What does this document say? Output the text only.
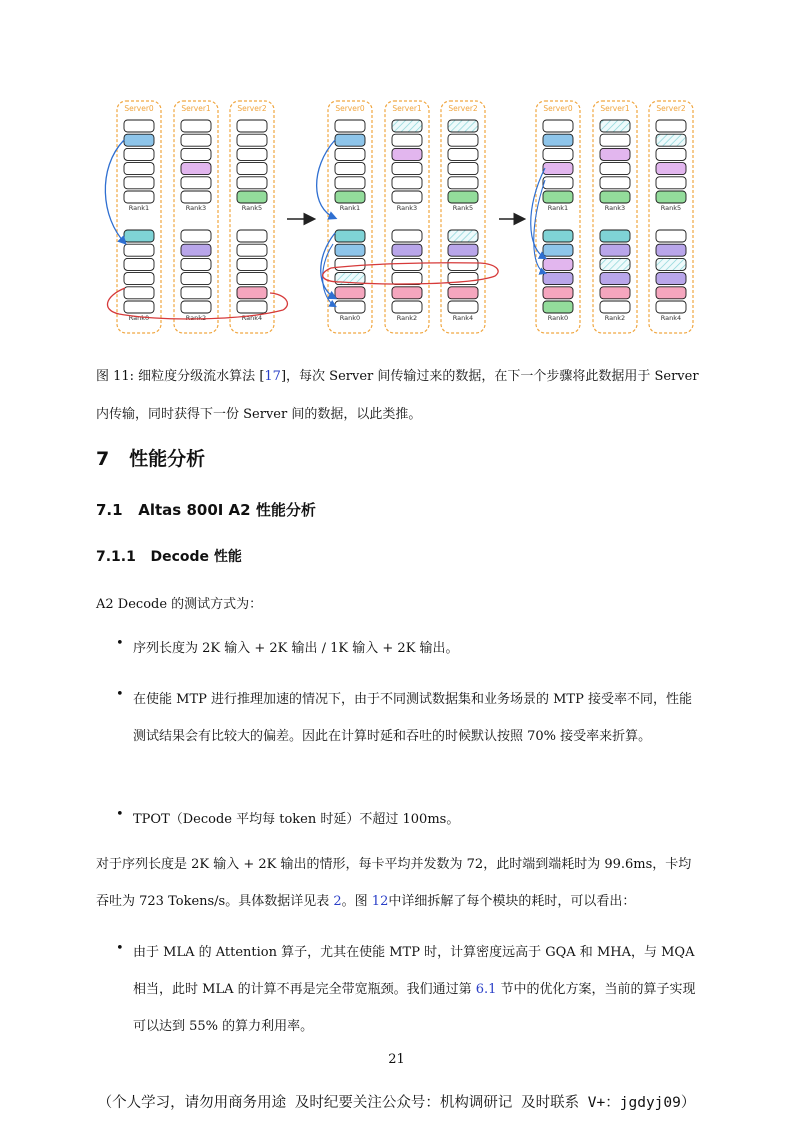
Server0
Rank1
Rank0
Server1
Rank3
Rank2
Server2
Rank5
Rank4
Server0
Rank1
Rank0
Server1
Rank3
Rank2
Server2
Rank5
Rank4
Server0
Rank1
Rank0
Server1
Rank3
Rank2
Server2
Rank5
Rank4
图 11: 细粒度分级流水算法 [17]，每次 Server 间传输过来的数据，在下一个步骤将此数据用于 Server 内传输，同时获得下一份 Server 间的数据，以此类推。
7 性能分析
7.1 Altas 800I A2 性能分析
7.1.1 Decode 性能
A2 Decode 的测试方式为：
• 序列长度为 2K 输入 + 2K 输出 / 1K 输入 + 2K 输出。
• 在使能 MTP 进行推理加速的情况下，由于不同测试数据集和业务场景的 MTP 接受率不同，性能测试结果会有比较大的偏差。因此在计算时延和吞吐的时候默认按照 70% 接受率来折算。
• TPOT（Decode 平均每 token 时延）不超过 100ms。
对于序列长度是 2K 输入 + 2K 输出的情形，每卡平均并发数为 72，此时端到端耗时为 99.6ms，卡均吞吐为 723 Tokens/s。具体数据详见表 2。图 12中详细拆解了每个模块的耗时，可以看出：
• 由于 MLA 的 Attention 算子，尤其在使能 MTP 时，计算密度远高于 GQA 和 MHA，与 MQA 相当，此时 MLA 的计算不再是完全带宽瓶颈。我们通过第 6.1 节中的优化方案，当前的算子实现可以达到 55% 的算力利用率。
21
（个人学习，请勿用商务用途 及时纪要关注公众号：机构调研记 及时联系 V+：jgdyj09）
